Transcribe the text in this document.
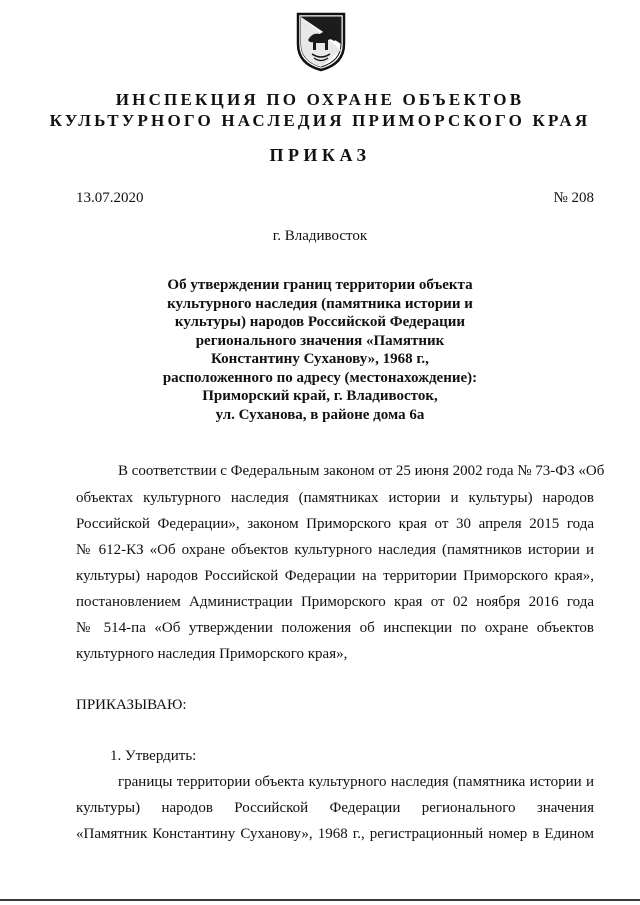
ИНСПЕКЦИЯ ПО ОХРАНЕ ОБЪЕКТОВ
КУЛЬТУРНОГО НАСЛЕДИЯ ПРИМОРСКОГО КРАЯ
ПРИКАЗ
13.07.2020	№ 208
г. Владивосток
Об утверждении границ территории объекта
культурного наследия (памятника истории и
культуры) народов Российской Федерации
регионального значения «Памятник
Константину Суханову», 1968 г.,
расположенного по адресу (местонахождение):
Приморский край, г. Владивосток,
ул. Суханова, в районе дома 6а
В соответствии с Федеральным законом от 25 июня 2002 года № 73-ФЗ «Об
объектах культурного наследия (памятниках истории и культуры) народов
Российской Федерации», законом Приморского края от 30 апреля 2015 года
№ 612-КЗ «Об охране объектов культурного наследия (памятников истории и
культуры) народов Российской Федерации на территории Приморского края»,
постановлением Администрации Приморского края от 02 ноября 2016 года
№ 514-па «Об утверждении положения об инспекции по охране объектов
культурного наследия Приморского края»,
ПРИКАЗЫВАЮ:
1. Утвердить:
границы территории объекта культурного наследия (памятника истории и
культуры) народов Российской Федерации регионального значения
«Памятник Константину Суханову», 1968 г., регистрационный номер в Едином
